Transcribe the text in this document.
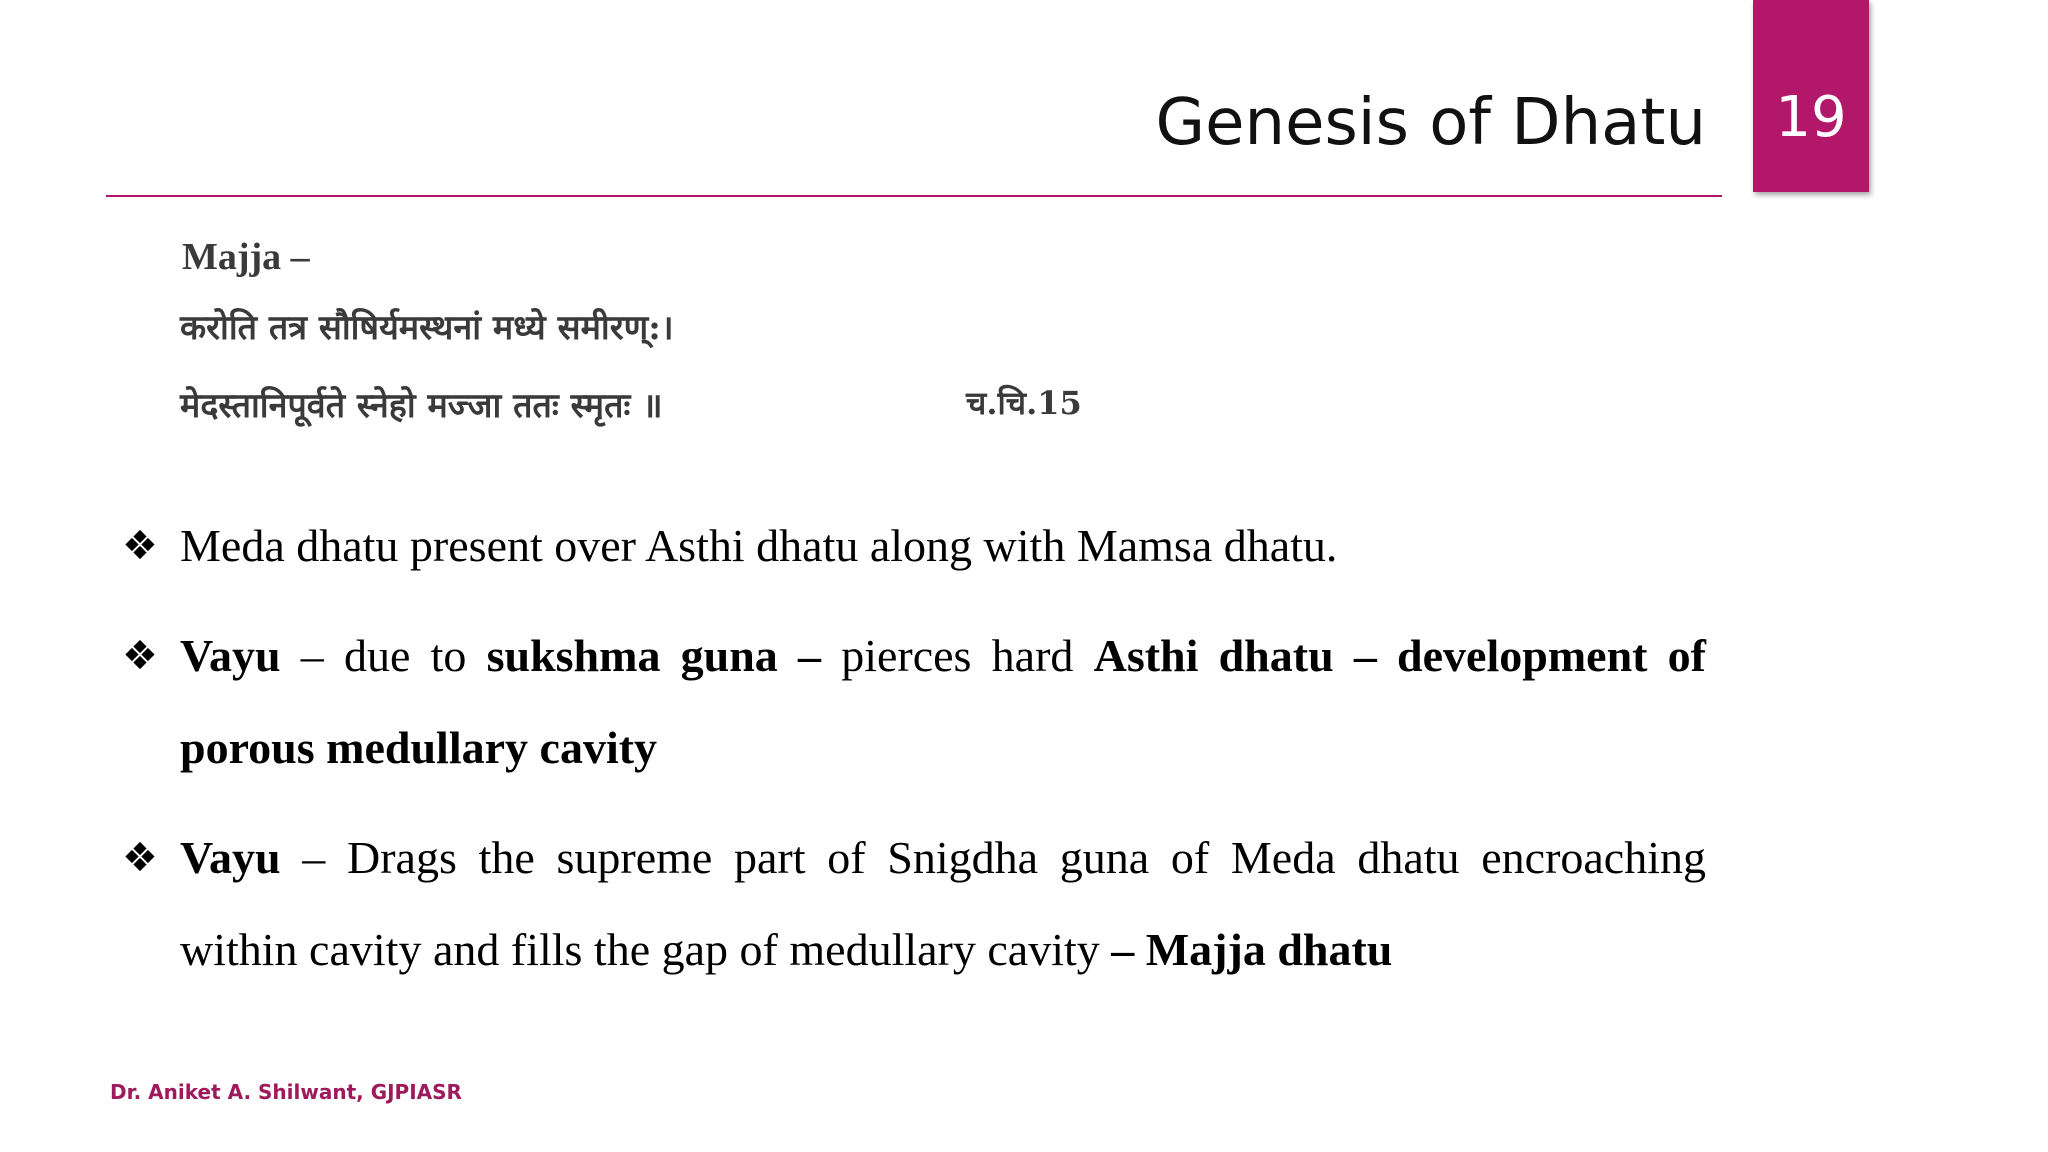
Genesis of Dhatu	19
Majja –
करोति तत्र सौषिर्यमस्थनां मध्ये समीरण्:।
मेदस्तानिपूर्वते स्नेहो मज्जा ततः स्मृतः ॥	च.चि.15
❖ Meda dhatu present over Asthi dhatu along with Mamsa dhatu.
❖ Vayu – due to sukshma guna – pierces hard Asthi dhatu – development of porous medullary cavity
❖ Vayu – Drags the supreme part of Snigdha guna of Meda dhatu encroaching within cavity and fills the gap of medullary cavity – Majja dhatu
Dr. Aniket A. Shilwant, GJPIASR
